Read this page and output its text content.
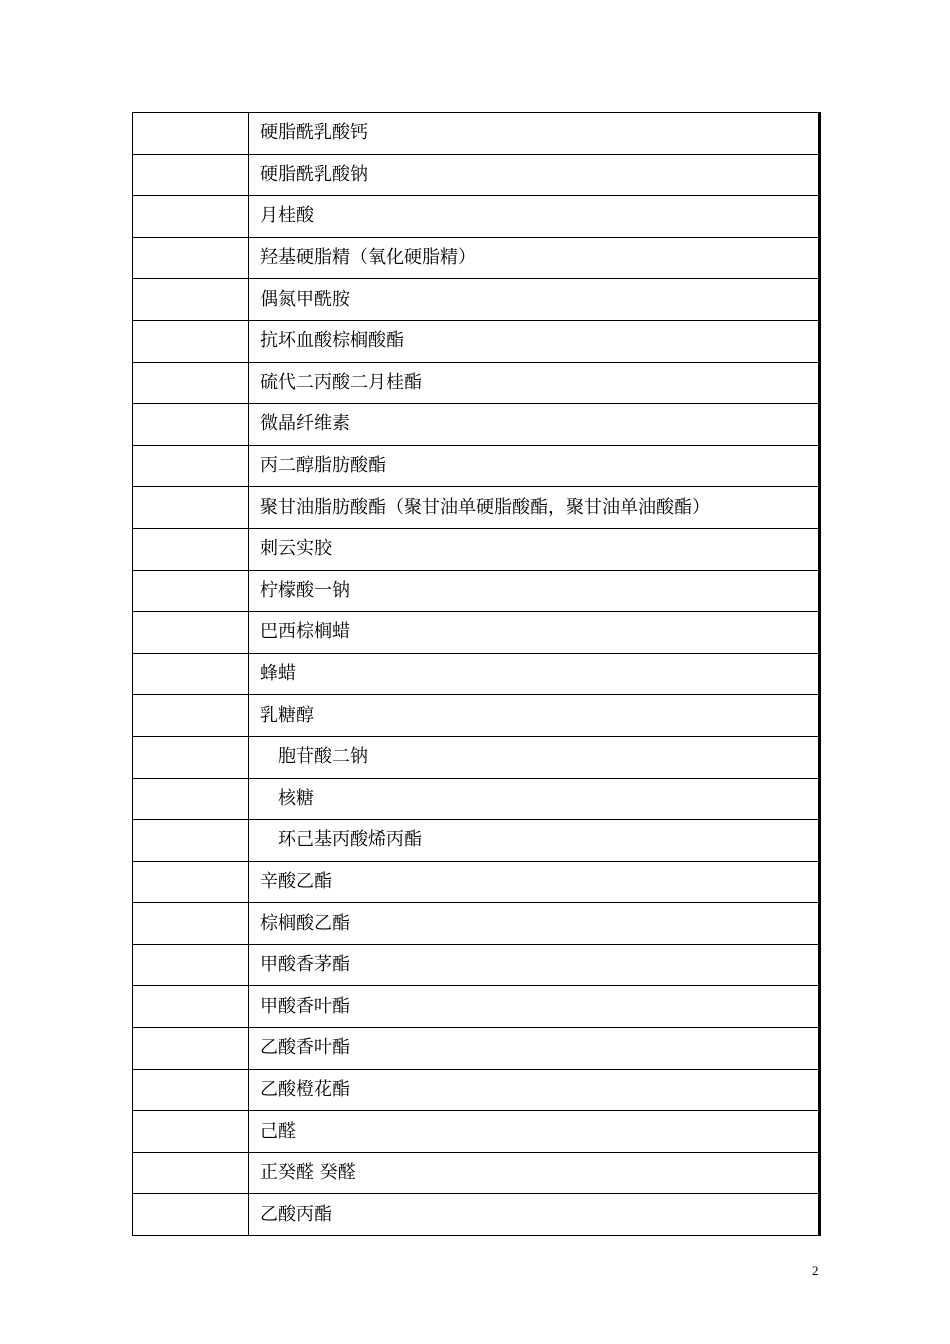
	硬脂酰乳酸钙
	硬脂酰乳酸钠
	月桂酸
	羟基硬脂精（氧化硬脂精）
	偶氮甲酰胺
	抗坏血酸棕榈酸酯
	硫代二丙酸二月桂酯
	微晶纤维素
	丙二醇脂肪酸酯
	聚甘油脂肪酸酯（聚甘油单硬脂酸酯，聚甘油单油酸酯）
	刺云实胶
	柠檬酸一钠
	巴西棕榈蜡
	蜂蜡
	乳糖醇
	胞苷酸二钠
	核糖
	环己基丙酸烯丙酯
	辛酸乙酯
	棕榈酸乙酯
	甲酸香茅酯
	甲酸香叶酯
	乙酸香叶酯
	乙酸橙花酯
	己醛
	正癸醛 癸醛
	乙酸丙酯
2
